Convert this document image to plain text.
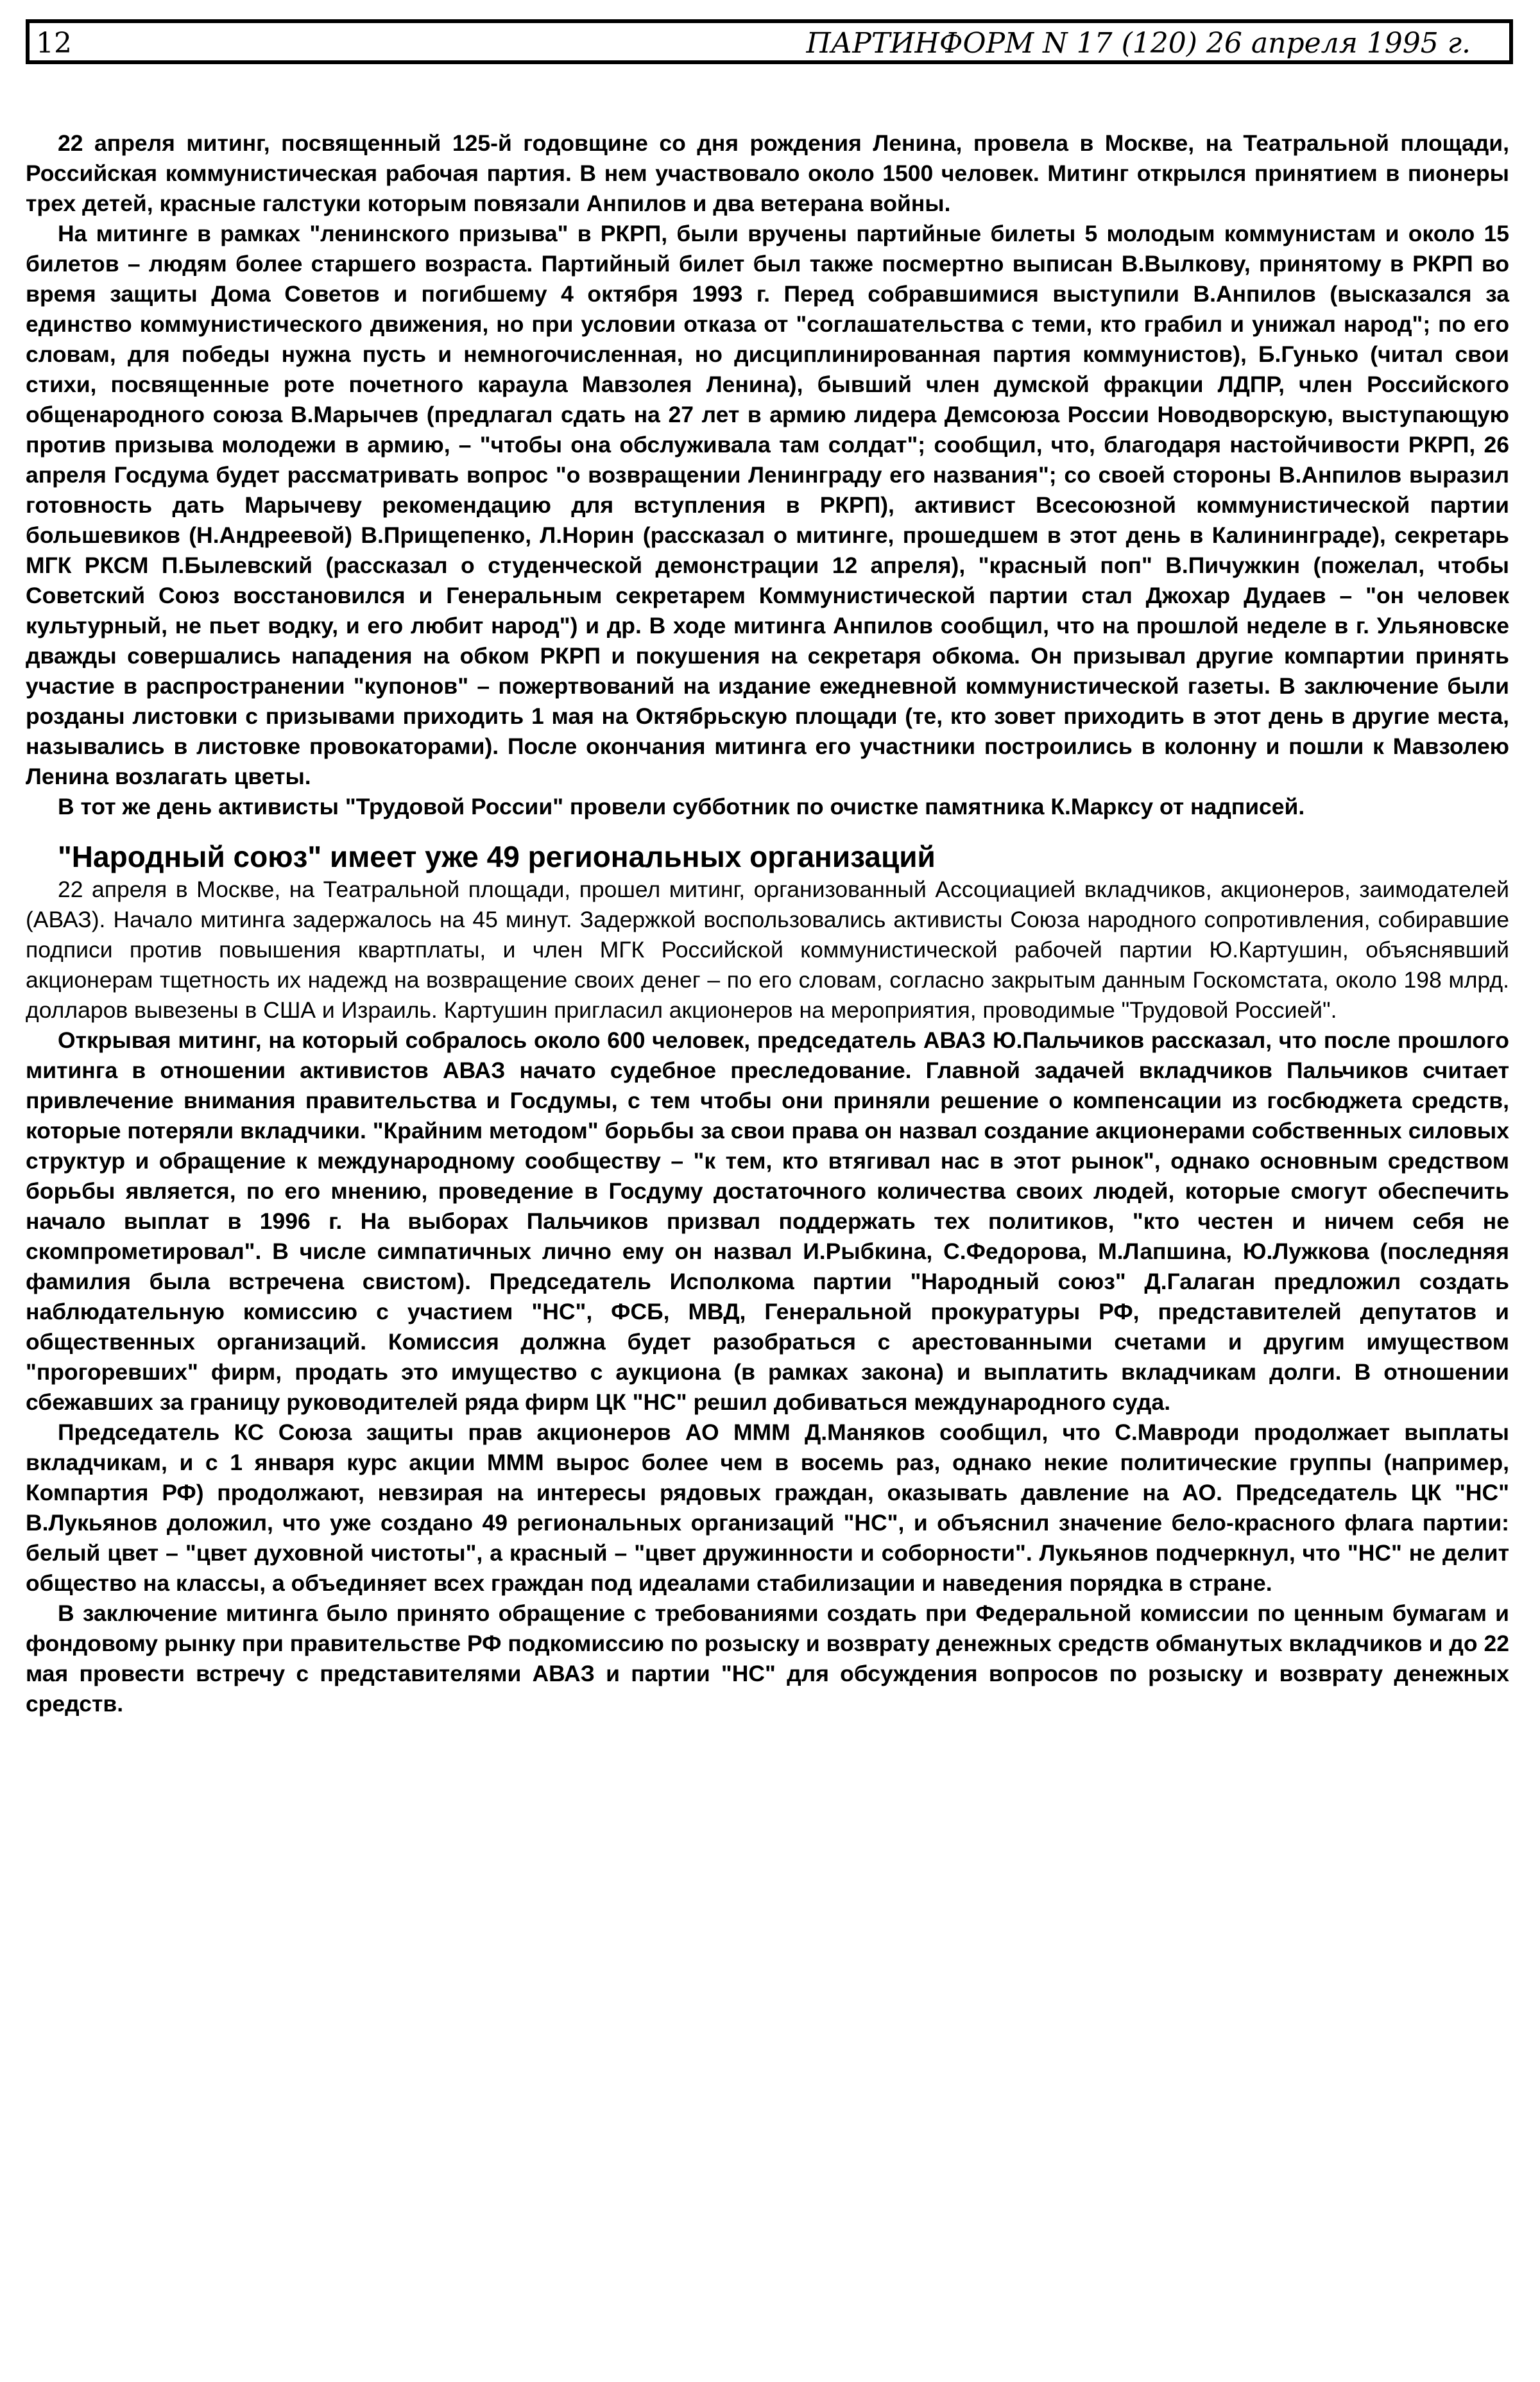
12	ПАРТИНФОРМ N 17 (120) 26 апреля 1995 г.

22 апреля митинг, посвященный 125-й годовщине со дня рождения Ленина, провела в Москве, на Театральной площади, Российская коммунистическая рабочая партия. В нем участвовало около 1500 человек. Митинг открылся принятием в пионеры трех детей, красные галстуки которым повязали Анпилов и два ветерана войны.

На митинге в рамках "ленинского призыва" в РКРП, были вручены партийные билеты 5 молодым коммунистам и около 15 билетов – людям более старшего возраста. Партийный билет был также посмертно выписан В.Вылкову, принятому в РКРП во время защиты Дома Советов и погибшему 4 октября 1993 г. Перед собравшимися выступили В.Анпилов (высказался за единство коммунистического движения, но при условии отказа от "соглашательства с теми, кто грабил и унижал народ"; по его словам, для победы нужна пусть и немногочисленная, но дисциплинированная партия коммунистов), Б.Гунько (читал свои стихи, посвященные роте почетного караула Мавзолея Ленина), бывший член думской фракции ЛДПР, член Российского общенародного союза В.Марычев (предлагал сдать на 27 лет в армию лидера Демсоюза России Новодворскую, выступающую против призыва молодежи в армию, – "чтобы она обслуживала там солдат"; сообщил, что, благодаря настойчивости РКРП, 26 апреля Госдума будет рассматривать вопрос "о возвращении Ленинграду его названия"; со своей стороны В.Анпилов выразил готовность дать Марычеву рекомендацию для вступления в РКРП), активист Всесоюзной коммунистической партии большевиков (Н.Андреевой) В.Прищепенко, Л.Норин (рассказал о митинге, прошедшем в этот день в Калининграде), секретарь МГК РКСМ П.Былевский (рассказал о студенческой демонстрации 12 апреля), "красный поп" В.Пичужкин (пожелал, чтобы Советский Союз восстановился и Генеральным секретарем Коммунистической партии стал Джохар Дудаев – "он человек культурный, не пьет водку, и его любит народ") и др. В ходе митинга Анпилов сообщил, что на прошлой неделе в г. Ульяновске дважды совершались нападения на обком РКРП и покушения на секретаря обкома. Он призывал другие компартии принять участие в распространении "купонов" – пожертвований на издание ежедневной коммунистической газеты. В заключение были розданы листовки с призывами приходить 1 мая на Октябрьскую площади (те, кто зовет приходить в этот день в другие места, назывались в листовке провокаторами). После окончания митинга его участники построились в колонну и пошли к Мавзолею Ленина возлагать цветы.

В тот же день активисты "Трудовой России" провели субботник по очистке памятника К.Марксу от надписей.

"Народный союз" имеет уже 49 региональных организаций

22 апреля в Москве, на Театральной площади, прошел митинг, организованный Ассоциацией вкладчиков, акционеров, заимодателей (АВАЗ). Начало митинга задержалось на 45 минут. Задержкой воспользовались активисты Союза народного сопротивления, собиравшие подписи против повышения квартплаты, и член МГК Российской коммунистической рабочей партии Ю.Картушин, объяснявший акционерам тщетность их надежд на возвращение своих денег – по его словам, согласно закрытым данным Госкомстата, около 198 млрд. долларов вывезены в США и Израиль. Картушин пригласил акционеров на мероприятия, проводимые "Трудовой Россией".

Открывая митинг, на который собралось около 600 человек, председатель АВАЗ Ю.Пальчиков рассказал, что после прошлого митинга в отношении активистов АВАЗ начато судебное преследование. Главной задачей вкладчиков Пальчиков считает привлечение внимания правительства и Госдумы, с тем чтобы они приняли решение о компенсации из госбюджета средств, которые потеряли вкладчики. "Крайним методом" борьбы за свои права он назвал создание акционерами собственных силовых структур и обращение к международному сообществу – "к тем, кто втягивал нас в этот рынок", однако основным средством борьбы является, по его мнению, проведение в Госдуму достаточного количества своих людей, которые смогут обеспечить начало выплат в 1996 г. На выборах Пальчиков призвал поддержать тех политиков, "кто честен и ничем себя не скомпрометировал". В числе симпатичных лично ему он назвал И.Рыбкина, С.Федорова, М.Лапшина, Ю.Лужкова (последняя фамилия была встречена свистом). Председатель Исполкома партии "Народный союз" Д.Галаган предложил создать наблюдательную комиссию с участием "НС", ФСБ, МВД, Генеральной прокуратуры РФ, представителей депутатов и общественных организаций. Комиссия должна будет разобраться с арестованными счетами и другим имуществом "прогоревших" фирм, продать это имущество с аукциона (в рамках закона) и выплатить вкладчикам долги. В отношении сбежавших за границу руководителей ряда фирм ЦК "НС" решил добиваться международного суда.

Председатель КС Союза защиты прав акционеров АО МММ Д.Маняков сообщил, что С.Мавроди продолжает выплаты вкладчикам, и с 1 января курс акции МММ вырос более чем в восемь раз, однако некие политические группы (например, Компартия РФ) продолжают, невзирая на интересы рядовых граждан, оказывать давление на АО. Председатель ЦК "НС" В.Лукьянов доложил, что уже создано 49 региональных организаций "НС", и объяснил значение бело-красного флага партии: белый цвет – "цвет духовной чистоты", а красный – "цвет дружинности и соборности". Лукьянов подчеркнул, что "НС" не делит общество на классы, а объединяет всех граждан под идеалами стабилизации и наведения порядка в стране.

В заключение митинга было принято обращение с требованиями создать при Федеральной комиссии по ценным бумагам и фондовому рынку при правительстве РФ подкомиссию по розыску и возврату денежных средств обманутых вкладчиков и до 22 мая провести встречу с представителями АВАЗ и партии "НС" для обсуждения вопросов по розыску и возврату денежных средств.
